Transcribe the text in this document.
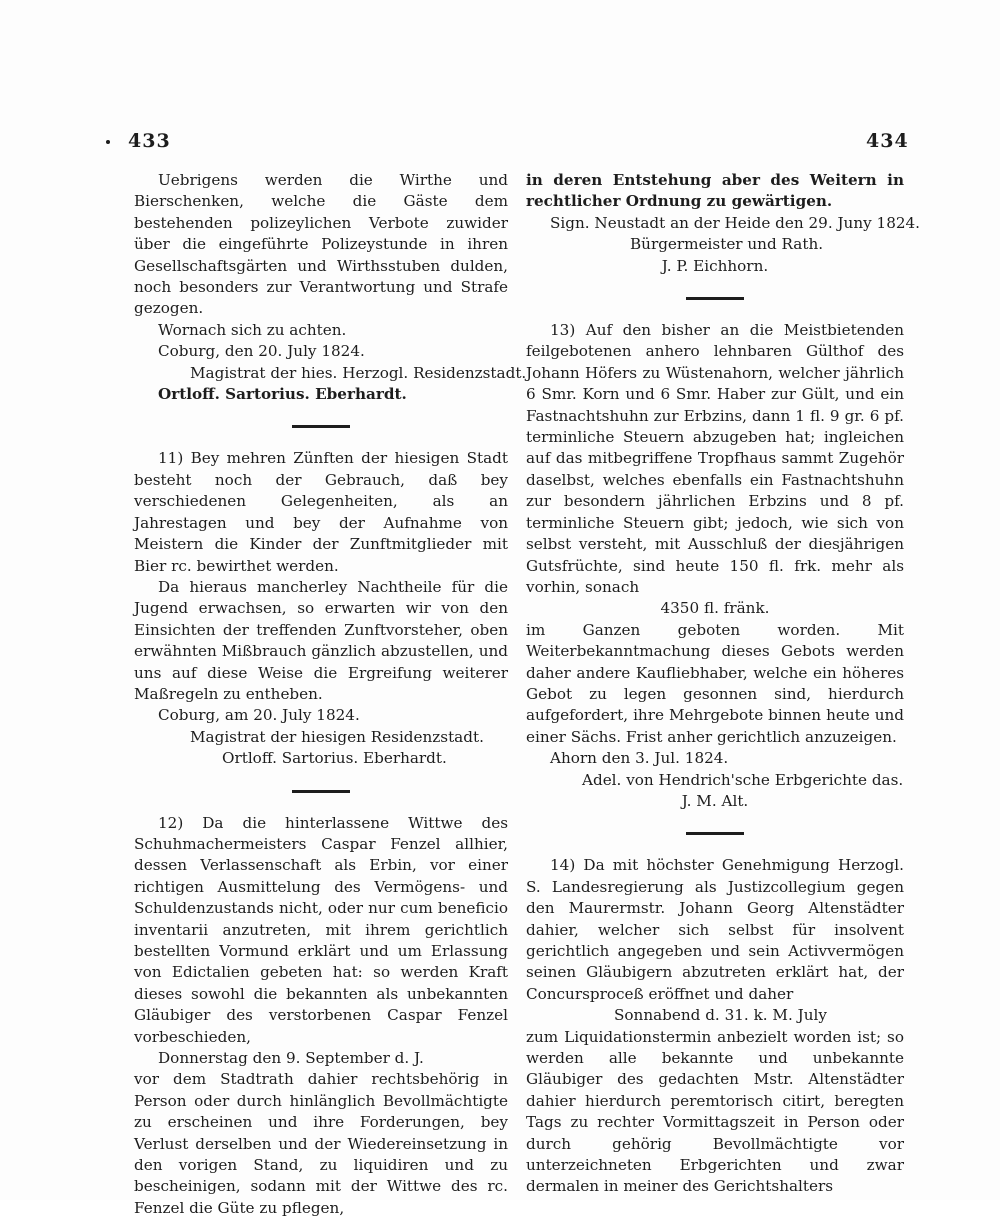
433	434

Uebrigens werden die Wirthe und Bierschenken, welche die Gäste dem bestehenden polizeylichen Verbote zuwider über die eingeführte Polizeystunde in ihren Gesellschaftsgärten und Wirthsstuben dulden, noch besonders zur Verantwortung und Strafe gezogen.

Wornach sich zu achten.

Coburg, den 20. July 1824.

Magistrat der hies. Herzogl. Residenzstadt.

Ortloff. Sartorius. Eberhardt.

11) Bey mehren Zünften der hiesigen Stadt besteht noch der Gebrauch, daß bey verschiedenen Gelegenheiten, als an Jahrestagen und bey der Aufnahme von Meistern die Kinder der Zunftmitglieder mit Bier rc. bewirthet werden.

Da hieraus mancherley Nachtheile für die Jugend erwachsen, so erwarten wir von den Einsichten der treffenden Zunftvorsteher, oben erwähnten Mißbrauch gänzlich abzustellen, und uns auf diese Weise die Ergreifung weiterer Maßregeln zu entheben.

Coburg, am 20. July 1824.

Magistrat der hiesigen Residenzstadt.

Ortloff. Sartorius. Eberhardt.

12) Da die hinterlassene Wittwe des Schuhmachermeisters Caspar Fenzel allhier, dessen Verlassenschaft als Erbin, vor einer richtigen Ausmittelung des Vermögens- und Schuldenzustands nicht, oder nur cum beneficio inventarii anzutreten, mit ihrem gerichtlich bestellten Vormund erklärt und um Erlassung von Edictalien gebeten hat: so werden Kraft dieses sowohl die bekannten als unbekannten Gläubiger des verstorbenen Caspar Fenzel vorbeschieden,

Donnerstag den 9. September d. J.

vor dem Stadtrath dahier rechtsbehörig in Person oder durch hinlänglich Bevollmächtigte zu erscheinen und ihre Forderungen, bey Verlust derselben und der Wiedereinsetzung in den vorigen Stand, zu liquidiren und zu bescheinigen, sodann mit der Wittwe des rc. Fenzel die Güte zu pflegen,

in deren Entstehung aber des Weitern in rechtlicher Ordnung zu gewärtigen.

Sign. Neustadt an der Heide den 29. Juny 1824.

Bürgermeister und Rath.

J. P. Eichhorn.

13) Auf den bisher an die Meistbietenden feilgebotenen anhero lehnbaren Gülthof des Johann Höfers zu Wüstenahorn, welcher jährlich 6 Smr. Korn und 6 Smr. Haber zur Gült, und ein Fastnachtshuhn zur Erbzins, dann 1 fl. 9 gr. 6 pf. terminliche Steuern abzugeben hat; ingleichen auf das mitbegriffene Tropfhaus sammt Zugehör daselbst, welches ebenfalls ein Fastnachtshuhn zur besondern jährlichen Erbzins und 8 pf. terminliche Steuern gibt; jedoch, wie sich von selbst versteht, mit Ausschluß der diesjährigen Gutsfrüchte, sind heute 150 fl. frk. mehr als vorhin, sonach

4350 fl. fränk.

im Ganzen geboten worden. Mit Weiterbekanntmachung dieses Gebots werden daher andere Kaufliebhaber, welche ein höheres Gebot zu legen gesonnen sind, hierdurch aufgefordert, ihre Mehrgebote binnen heute und einer Sächs. Frist anher gerichtlich anzuzeigen.

Ahorn den 3. Jul. 1824.

Adel. von Hendrich'sche Erbgerichte das.

J. M. Alt.

14) Da mit höchster Genehmigung Herzogl. S. Landesregierung als Justizcollegium gegen den Maurermstr. Johann Georg Altenstädter dahier, welcher sich selbst für insolvent gerichtlich angegeben und sein Activvermögen seinen Gläubigern abzutreten erklärt hat, der Concursproceß eröffnet und daher

Sonnabend d. 31. k. M. July

zum Liquidationstermin anbezielt worden ist; so werden alle bekannte und unbekannte Gläubiger des gedachten Mstr. Altenstädter dahier hierdurch peremtorisch citirt, beregten Tags zu rechter Vormittagszeit in Person oder durch gehörig Bevollmächtigte vor unterzeichneten Erbgerichten und zwar dermalen in meiner des Gerichtshalters
